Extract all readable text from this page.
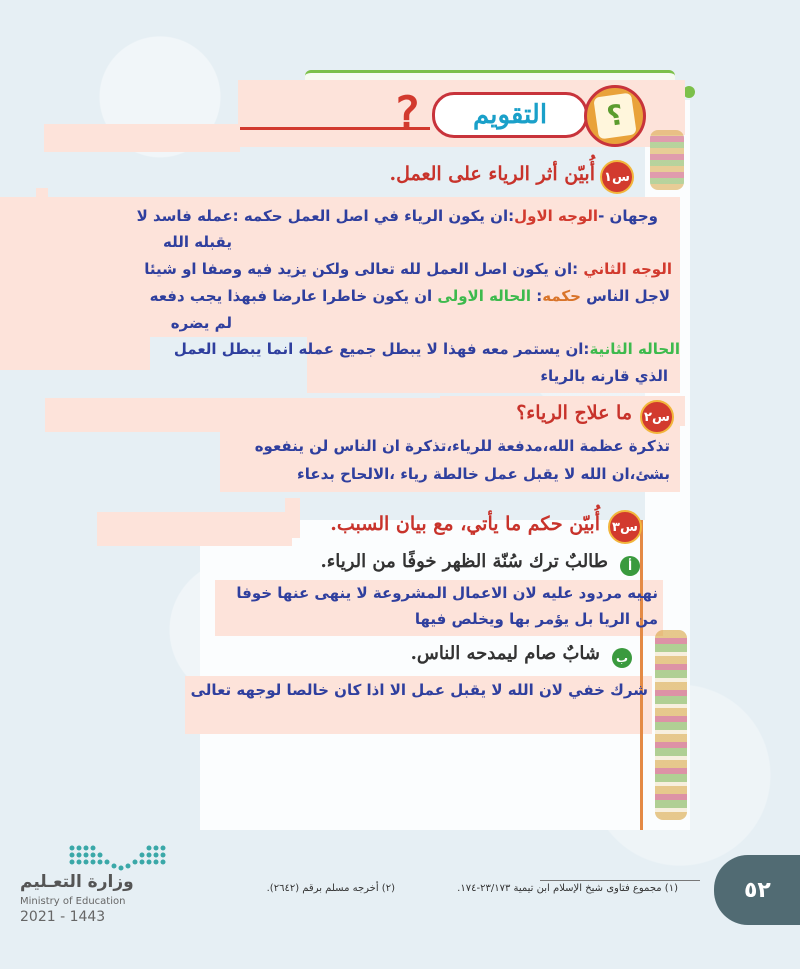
؟ التقويم	؟
س١
أُبيّن أثر الرياء على العمل.
وجهان -الوجه الاول:ان يكون الرياء في اصل العمل حكمه :عمله فاسد لا
يقبله الله
الوجه الثاني :ان يكون اصل العمل لله تعالى ولكن يزيد فيه وصفا او شيئا
لاجل الناس حكمه: الحاله الاولى ان يكون خاطرا عارضا فبهذا يجب دفعه
لم يضره
الحاله الثانية:ان يستمر معه فهذا لا يبطل جميع عمله انما يبطل العمل
الذي قارنه بالرياء
س٢
ما علاج الرياء؟
تذكرة عظمة الله،مدفعة للرياء،تذكرة ان الناس لن ينفعوه
بشئ،ان الله لا يقبل عمل خالطة رياء ،الالحاح بدعاء
س٣
أُبيّن حكم ما يأتي، مع بيان السبب.
أ
طالبٌ ترك سُنّة الظهر خوفًا من الرياء.
نهيه مردود عليه لان الاعمال المشروعة لا ينهى عنها خوفا
من الريا بل يؤمر بها ويخلص فيها
ب
شابٌ صام ليمدحه الناس.
شرك خفي لان الله لا يقبل عمل الا اذا كان خالصا لوجهه تعالى
(١) مجموع فتاوى شيخ الإسلام ابن تيمية ٢٣/١٧٣-١٧٤.
(٢) أخرجه مسلم برقم (٢٦٤٢).	٥٢
وزارة التعـليم
Ministry of Education
2021 - 1443
